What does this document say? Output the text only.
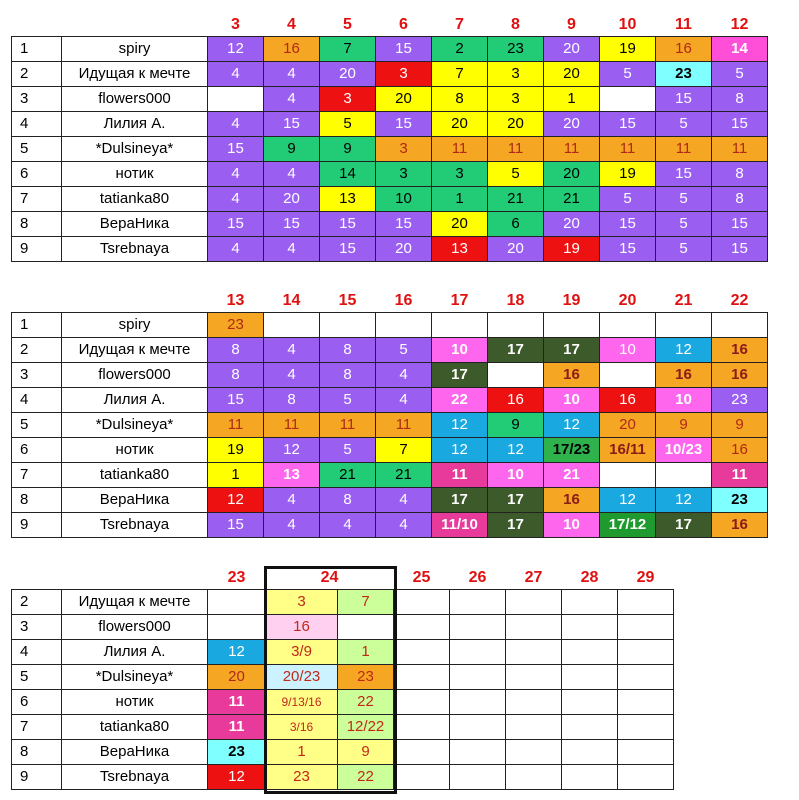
		3	4	5	6	7	8	9	10	11	12
1	spiry	12	16	7	15	2	23	20	19	16	14
2	Идущая к мечте	4	4	20	3	7	3	20	5	23	5
3	flowers000		4	3	20	8	3	1		15	8
4	Лилия А.	4	15	5	15	20	20	20	15	5	15
5	*Dulsineya*	15	9	9	3	11	11	11	11	11	11
6	нотик	4	4	14	3	3	5	20	19	15	8
7	tatianka80	4	20	13	10	1	21	21	5	5	8
8	ВераНика	15	15	15	15	20	6	20	15	5	15
9	Tsrebnaya	4	4	15	20	13	20	19	15	5	15
		13	14	15	16	17	18	19	20	21	22
1	spiry	23									
2	Идущая к мечте	8	4	8	5	10	17	17	10	12	16
3	flowers000	8	4	8	4	17		16		16	16
4	Лилия А.	15	8	5	4	22	16	10	16	10	23
5	*Dulsineya*	11	11	11	11	12	9	12	20	9	9
6	нотик	19	12	5	7	12	12	17/23	16/11	10/23	16
7	tatianka80	1	13	21	21	11	10	21			11
8	ВераНика	12	4	8	4	17	17	16	12	12	23
9	Tsrebnaya	15	4	4	4	11/10	17	10	17/12	17	16
		23	24		25	26	27	28	29
2	Идущая к мечте		3	7					
3	flowers000		16						
4	Лилия А.	12	3/9	1					
5	*Dulsineya*	20	20/23	23					
6	нотик	11	9/13/16	22					
7	tatianka80	11	3/16	12/22					
8	ВераНика	23	1	9					
9	Tsrebnaya	12	23	22					
